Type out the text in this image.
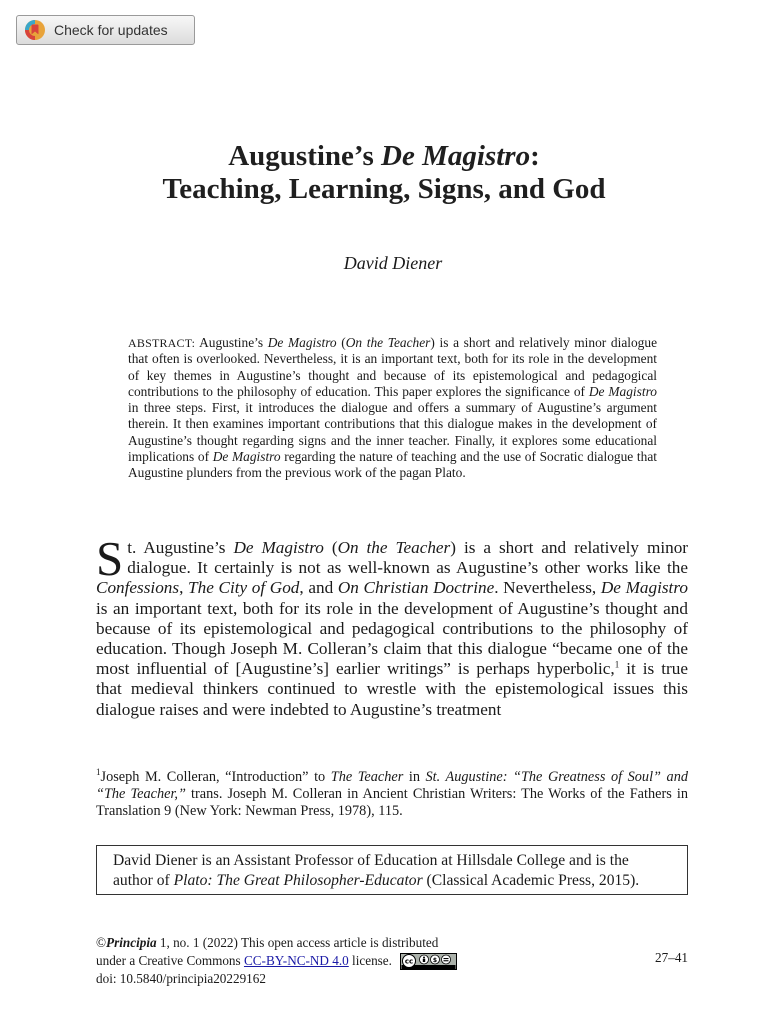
Check for updates
Augustine’s De Magistro:
Teaching, Learning, Signs, and God
David Diener
ABSTRACT: Augustine’s De Magistro (On the Teacher) is a short and relatively minor dialogue that often is overlooked. Nevertheless, it is an important text, both for its role in the development of key themes in Augustine’s thought and because of its epistemological and pedagogical contributions to the philosophy of education. This paper explores the significance of De Magistro in three steps. First, it introduces the dialogue and offers a summary of Augustine’s argument therein. It then examines important contributions that this dialogue makes in the development of Augustine’s thought regarding signs and the inner teacher. Finally, it explores some educational implications of De Magistro regarding the nature of teaching and the use of Socratic dialogue that Augustine plunders from the previous work of the pagan Plato.
St. Augustine’s De Magistro (On the Teacher) is a short and relatively minor dialogue. It certainly is not as well-known as Augustine’s other works like the Confessions, The City of God, and On Christian Doctrine. Nevertheless, De Magistro is an important text, both for its role in the development of Augustine’s thought and because of its epistemological and pedagogical contributions to the philosophy of education. Though Joseph M. Colleran’s claim that this dialogue “became one of the most influential of [Augustine’s] earlier writings” is perhaps hyperbolic,$^1$ it is true that medieval thinkers continued to wrestle with the epistemological issues this dialogue raises and were indebted to Augustine’s treatment
$^1$Joseph M. Colleran, “Introduction” to The Teacher in St. Augustine: “The Greatness of Soul” and “The Teacher,” trans. Joseph M. Colleran in Ancient Christian Writers: The Works of the Fathers in Translation 9 (New York: Newman Press, 1978), 115.
David Diener is an Assistant Professor of Education at Hillsdale College and is the author of Plato: The Great Philosopher-Educator (Classical Academic Press, 2015).
©Principia 1, no. 1 (2022) This open access article is distributed
under a Creative Commons CC-BY-NC-ND 4.0 license. cc	$
doi: 10.5840/principia20229162
27–41
